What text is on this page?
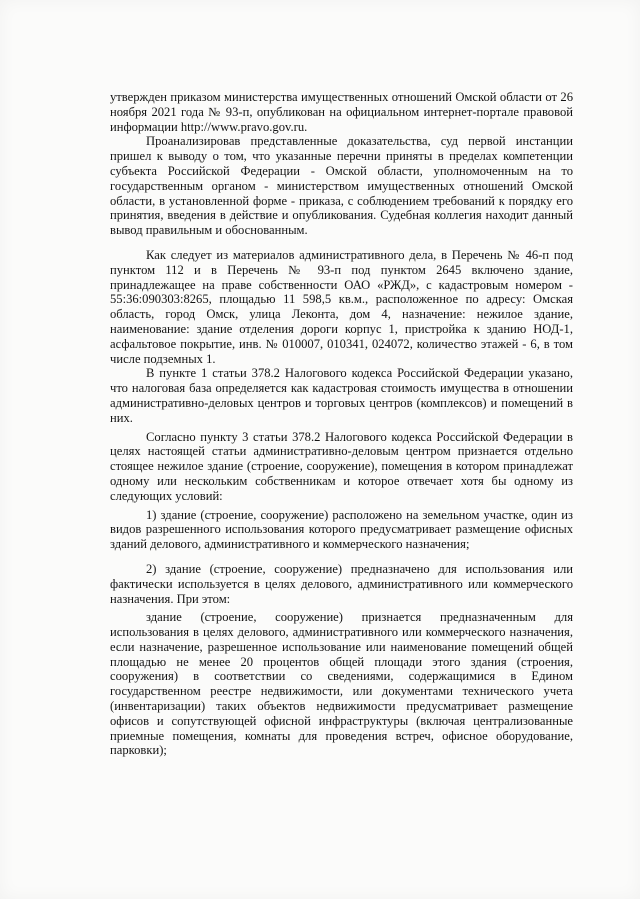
утвержден приказом министерства имущественных отношений Омской области от 26 ноября 2021 года № 93-п, опубликован на официальном интернет-портале правовой информации http://www.pravo.gov.ru.

Проанализировав представленные доказательства, суд первой инстанции пришел к выводу о том, что указанные перечни приняты в пределах компетенции субъекта Российской Федерации - Омской области, уполномоченным на то государственным органом - министерством имущественных отношений Омской области, в установленной форме - приказа, с соблюдением требований к порядку его принятия, введения в действие и опубликования. Судебная коллегия находит данный вывод правильным и обоснованным.

Как следует из материалов административного дела, в Перечень № 46-п под пунктом 112 и в Перечень № 93-п под пунктом 2645 включено здание, принадлежащее на праве собственности ОАО «РЖД», с кадастровым номером - 55:36:090303:8265, площадью 11 598,5 кв.м., расположенное по адресу: Омская область, город Омск, улица Леконта, дом 4, назначение: нежилое здание, наименование: здание отделения дороги корпус 1, пристройка к зданию НОД-1, асфальтовое покрытие, инв. № 010007, 010341, 024072, количество этажей - 6, в том числе подземных 1.

В пункте 1 статьи 378.2 Налогового кодекса Российской Федерации указано, что налоговая база определяется как кадастровая стоимость имущества в отношении административно-деловых центров и торговых центров (комплексов) и помещений в них.

Согласно пункту 3 статьи 378.2 Налогового кодекса Российской Федерации в целях настоящей статьи административно-деловым центром признается отдельно стоящее нежилое здание (строение, сооружение), помещения в котором принадлежат одному или нескольким собственникам и которое отвечает хотя бы одному из следующих условий:

1) здание (строение, сооружение) расположено на земельном участке, один из видов разрешенного использования которого предусматривает размещение офисных зданий делового, административного и коммерческого назначения;

2) здание (строение, сооружение) предназначено для использования или фактически используется в целях делового, административного или коммерческого назначения. При этом:

здание (строение, сооружение) признается предназначенным для использования в целях делового, административного или коммерческого назначения, если назначение, разрешенное использование или наименование помещений общей площадью не менее 20 процентов общей площади этого здания (строения, сооружения) в соответствии со сведениями, содержащимися в Едином государственном реестре недвижимости, или документами технического учета (инвентаризации) таких объектов недвижимости предусматривает размещение офисов и сопутствующей офисной инфраструктуры (включая централизованные приемные помещения, комнаты для проведения встреч, офисное оборудование, парковки);
